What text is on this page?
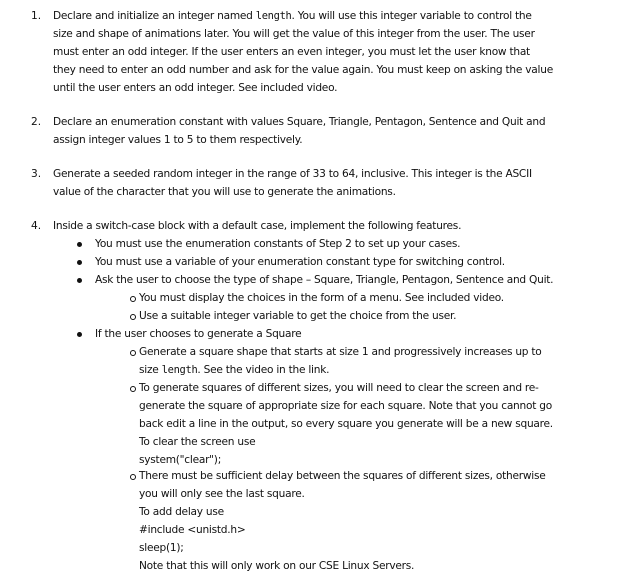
1. Declare and initialize an integer named length. You will use this integer variable to control the
size and shape of animations later. You will get the value of this integer from the user. The user
must enter an odd integer. If the user enters an even integer, you must let the user know that
they need to enter an odd number and ask for the value again. You must keep on asking the value
until the user enters an odd integer. See included video.
2. Declare an enumeration constant with values Square, Triangle, Pentagon, Sentence and Quit and
assign integer values 1 to 5 to them respectively.
3. Generate a seeded random integer in the range of 33 to 64, inclusive. This integer is the ASCII
value of the character that you will use to generate the animations.
4. Inside a switch-case block with a default case, implement the following features.
You must use the enumeration constants of Step 2 to set up your cases.
You must use a variable of your enumeration constant type for switching control.
Ask the user to choose the type of shape – Square, Triangle, Pentagon, Sentence and Quit.
You must display the choices in the form of a menu. See included video.
Use a suitable integer variable to get the choice from the user.
If the user chooses to generate a Square
Generate a square shape that starts at size 1 and progressively increases up to
size length. See the video in the link.
To generate squares of different sizes, you will need to clear the screen and re-
generate the square of appropriate size for each square. Note that you cannot go
back edit a line in the output, so every square you generate will be a new square.
To clear the screen use
system("clear");
There must be sufficient delay between the squares of different sizes, otherwise
you will only see the last square.
To add delay use
#include <unistd.h>
sleep(1);
Note that this will only work on our CSE Linux Servers.
